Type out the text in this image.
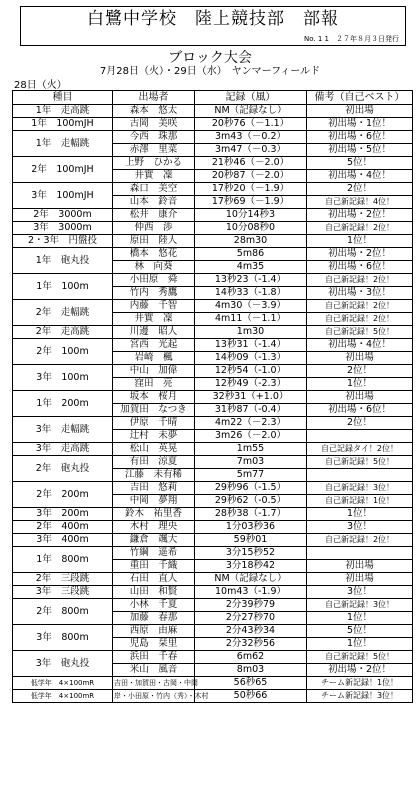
白鷺中学校　陸上競技部　部報
No. 1 1　２７年８月３日発行
ブロック大会
7月28日（火）・29日（水）　ヤンマーフィールド
28日（火）
種目	出場者	記録（風）	備考（自己ベスト）
1年　走高跳	森本　悠太	NM（記録なし）	初出場
1年　100mJH	古岡　美咲	20秒76（－1.1）	初出場・1位！
1年　走幅跳	今西　珠那	3m43（－0.2）	初出場・6位！
	赤澤　里菜	3m47（－0.3）	初出場・5位！
2年　100mJH	上野　ひかる	21秒46（－2.0）	5位！
	井實　凜	20秒87（－2.0）	初出場・4位！
3年　100mJH	森口　美空	17秒20（－1.9）	2位！
	山本　鈴音	17秒69（－1.9）	自己新記録！4位！
2年　3000m	松井　康介	10分14秒3	初出場・2位！
3年　3000m	仲西　渉	10分08秒0	自己新記録！2位！
2・3年　円盤投	原田　陸人	28m30	1位！
1年　砲丸投	橋本　悠花	5m86	初出場・2位！
	林　向葵	4m35	初出場・6位！
1年　100m	小田原　舜	13秒23（-1.4）	自己新記録！2位！
	竹内　秀鷹	14秒33（-1.8）	初出場・3位！
2年　走幅跳	内藤　千智	4m30（－3.9）	自己新記録！2位！
	井實　凜	4m11（－1.1）	自己新記録！2位！
2年　走高跳	川邊　昭人	1m30	自己新記録！5位！
2年　100m	宮西　光起	13秒31（-1.4）	初出場・4位！
	岩崎　楓	14秒09（-1.3）	初出場
3年　100m	中山　加偉	12秒54（-1.0）	2位！
	窪田　亮	12秒49（-2.3）	1位！
1年　200m	坂本　桜月	32秒31（+1.0）	初出場
	加賀田　なつき	31秒87（-0.4）	初出場・6位！
3年　走幅跳	伊原　千晴	4m22（－2.3）	2位！
	辻村　未夢	3m26（－2.0）	
3年　走高跳	松山　英晃	1m55	自己記録タイ！2位！
2年　砲丸投	有田　涼夏	7m03	自己新記録！5位！
	江藤　未有稀	5m77	
2年　200m	吉田　悠莉	29秒96（-1.5）	自己新記録！3位！
	中岡　夢翔	29秒62（-0.5）	自己新記録！1位！
3年　200m	鈴木　祐里香	28秒38（-1.7）	1位！
2年　400m	木村　理央	1分03秒36	3位！
3年　400m	鎌倉　颯大	59秒01	自己新記録！2位！
1年　800m	竹綱　遥希	3分15秒52	
	重田　千織	3分18秒42	初出場
2年　三段跳	石田　直人	NM（記録なし）	初出場
3年　三段跳	山田　和賢	10m43（-1.9）	3位！
2年　800m	小林　千夏	2分39秒79	自己新記録！3位！
	加藤　春那	2分27秒70	1位！
3年　800m	西原　由麻	2分43秒34	5位！
	児島　栞里	2分32秒56	1位！
3年　砲丸投	浜田　千春	6m62	自己新記録！5位！
	米山　風音	8m03	初出場・2位！
低学年　4×100mR	吉田・加賀田・古岡・中岡	56秒65	チーム新記録！1位！
低学年　4×100mR	岸・小田原・竹内（秀）・木村	50秒66	チーム新記録！3位！
